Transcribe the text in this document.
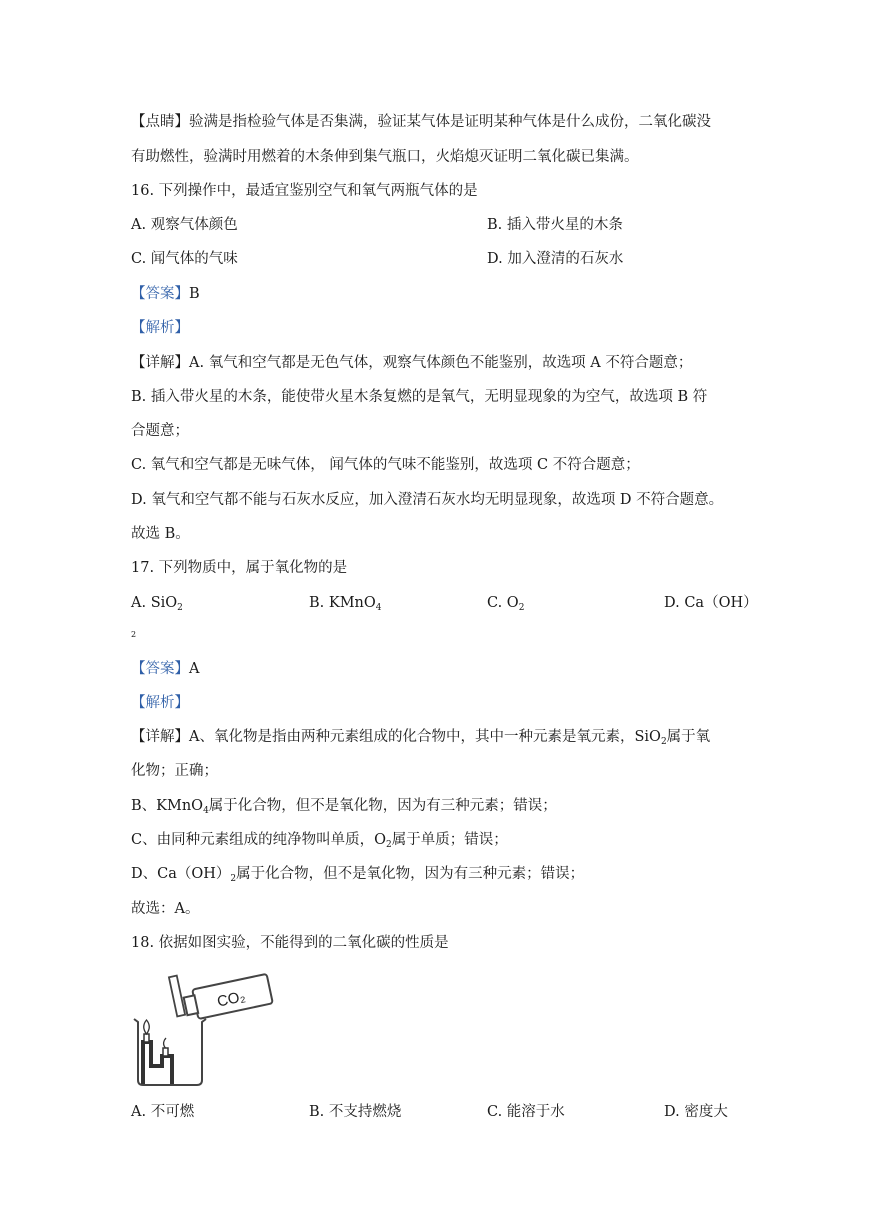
【点睛】验满是指检验气体是否集满，验证某气体是证明某种气体是什么成份，二氧化碳没
有助燃性，验满时用燃着的木条伸到集气瓶口，火焰熄灭证明二氧化碳已集满。
16. 下列操作中，最适宜鉴别空气和氧气两瓶气体的是
A. 观察气体颜色	B. 插入带火星的木条
C. 闻气体的气味	D. 加入澄清的石灰水
【答案】B
【解析】
【详解】A. 氧气和空气都是无色气体，观察气体颜色不能鉴别，故选项 A 不符合题意；
B. 插入带火星的木条，能使带火星木条复燃的是氧气，无明显现象的为空气，故选项 B 符
合题意；
C. 氧气和空气都是无味气体， 闻气体的气味不能鉴别，故选项 C 不符合题意；
D. 氧气和空气都不能与石灰水反应，加入澄清石灰水均无明显现象，故选项 D 不符合题意。
故选 B。
17. 下列物质中，属于氧化物的是
A. SiO$_2$	B. KMnO$_4$	C. $O_2$	D. Ca（OH）
2
【答案】A
【解析】
【详解】A、氧化物是指由两种元素组成的化合物中，其中一种元素是氧元素，SiO$_2$属于氧
化物；正确；
B、KMnO$_4$属于化合物，但不是氧化物，因为有三种元素；错误；
C、由同种元素组成的纯净物叫单质，$O_2$属于单质；错误；
D、$Ca(OH)_2$属于化合物，但不是氧化物，因为有三种元素；错误；
故选：A。
18. 依据如图实验，不能得到的二氧化碳的性质是
CO₂
A. 不可燃	B. 不支持燃烧	C. 能溶于水	D. 密度大
